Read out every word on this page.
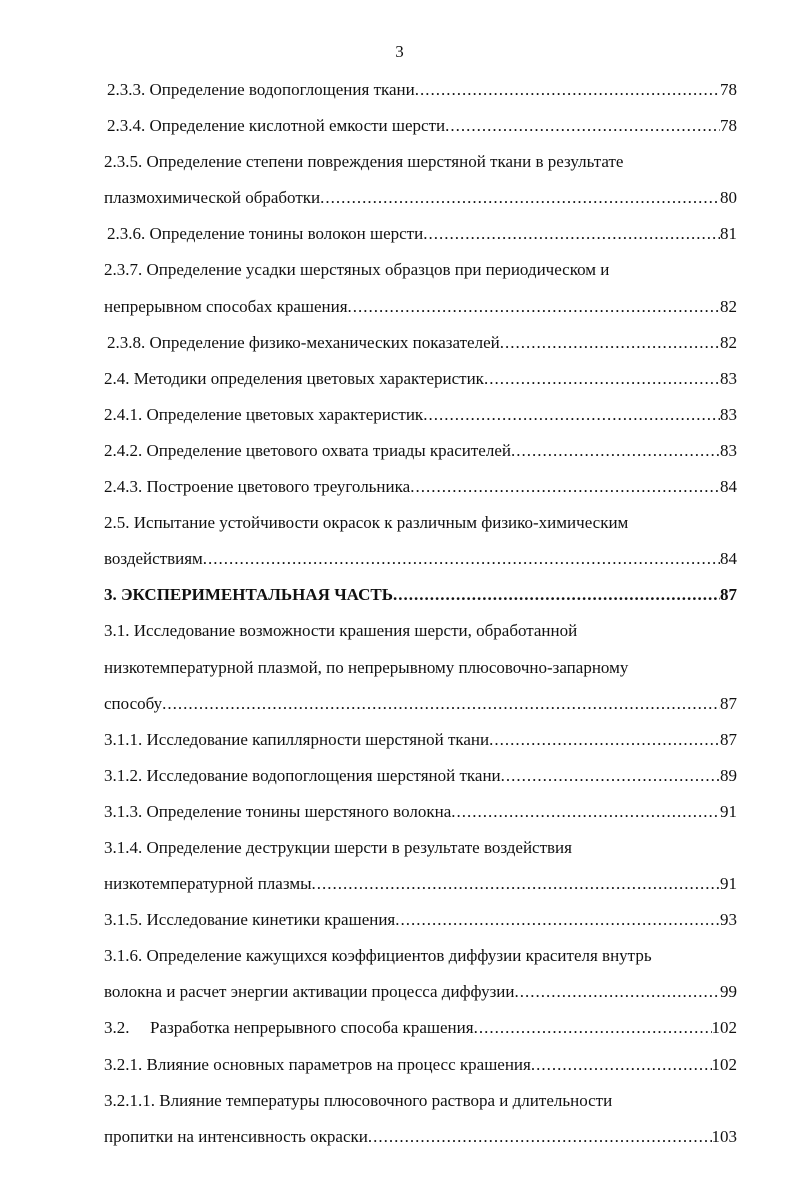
3
2.3.3. Определение водопоглощения ткани .....	78
2.3.4. Определение кислотной емкости шерсти .....	78
2.3.5. Определение степени повреждения шерстяной ткани в результате
плазмохимической обработки .....	80
2.3.6. Определение тонины волокон шерсти .....	81
2.3.7. Определение усадки шерстяных образцов при периодическом и
непрерывном способах крашения .....	82
2.3.8. Определение физико-механических показателей .....	82
2.4. Методики определения цветовых характеристик .....	83
2.4.1. Определение цветовых характеристик .....	83
2.4.2. Определение цветового охвата триады красителей .....	83
2.4.3. Построение цветового треугольника .....	84
2.5. Испытание устойчивости окрасок к различным физико-химическим
воздействиям .....	84
3. ЭКСПЕРИМЕНТАЛЬНАЯ ЧАСТЬ .....	87
3.1. Исследование возможности крашения шерсти, обработанной
низкотемпературной плазмой, по непрерывному плюсовочно-запарному
способу .....	87
3.1.1. Исследование капиллярности шерстяной ткани .....	87
3.1.2. Исследование водопоглощения шерстяной ткани .....	89
3.1.3. Определение тонины шерстяного волокна .....	91
3.1.4. Определение деструкции шерсти в результате воздействия
низкотемпературной плазмы .....	91
3.1.5. Исследование кинетики крашения .....	93
3.1.6. Определение кажущихся коэффициентов диффузии красителя внутрь
волокна и расчет энергии активации процесса диффузии .....	99
3.2. Разработка непрерывного способа крашения .....	102
3.2.1. Влияние основных параметров на процесс крашения .....	102
3.2.1.1. Влияние температуры плюсовочного раствора и длительности
пропитки на интенсивность окраски .....	103
